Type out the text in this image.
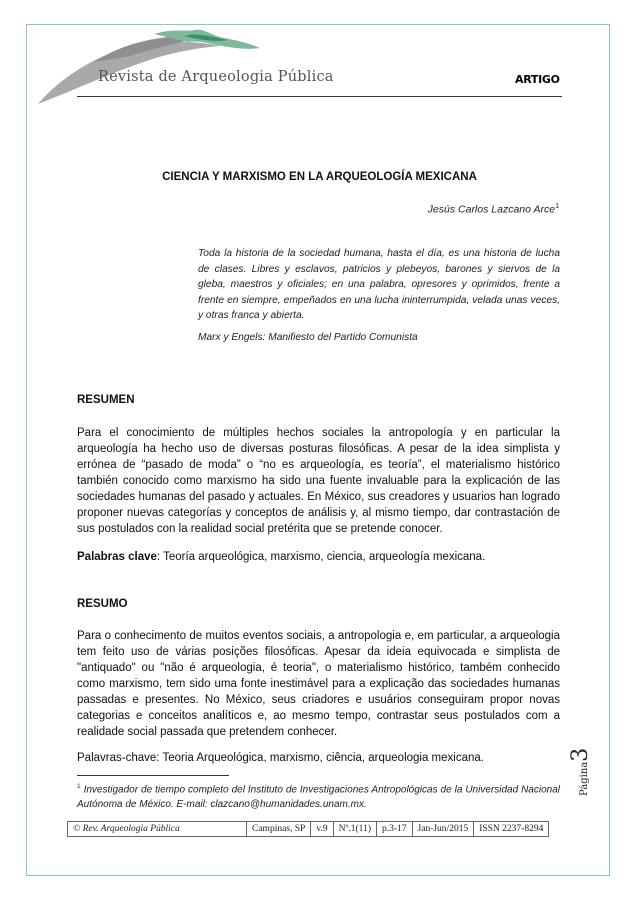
Revista de Arqueologia Pública	ARTIGO
CIENCIA Y MARXISMO EN LA ARQUEOLOGÍA MEXICANA
Jesús Carlos Lazcano Arce$^1$
Toda la historia de la sociedad humana, hasta el día, es una historia de lucha de clases. Libres y esclavos, patricios y plebeyos, barones y siervos de la gleba, maestros y oficiales; en una palabra, opresores y oprimidos, frente a frente en siempre, empeñados en una lucha ininterrumpida, velada unas veces, y otras franca y abierta.
Marx y Engels: Manifiesto del Partido Comunista
RESUMEN

Para el conocimiento de múltiples hechos sociales la antropología y en particular la arqueología ha hecho uso de diversas posturas filosóficas. A pesar de la idea simplista y errónea de “pasado de moda” o “no es arqueología, es teoría”, el materialismo histórico también conocido como marxismo ha sido una fuente invaluable para la explicación de las sociedades humanas del pasado y actuales. En México, sus creadores y usuarios han logrado proponer nuevas categorías y conceptos de análisis y, al mismo tiempo, dar contrastación de sus postulados con la realidad social pretérita que se pretende conocer.

Palabras clave: Teoría arqueológica, marxismo, ciencia, arqueología mexicana.
RESUMO

Para o conhecimento de muitos eventos sociais, a antropologia e, em particular, a arqueologia tem feito uso de várias posições filosóficas. Apesar da ideia equivocada e simplista de "antiquado" ou "não é arqueologia, é teoria", o materialismo histórico, também conhecido como marxismo, tem sido uma fonte inestimável para a explicação das sociedades humanas passadas e presentes. No México, seus criadores e usuários conseguiram propor novas categorias e conceitos analíticos e, ao mesmo tempo, contrastar seus postulados com a realidade social passada que pretendem conhecer.

Palavras-chave: Teoria Arqueológica, marxismo, ciência, arqueologia mexicana.
$^1$ Investigador de tiempo completo del Instituto de Investigaciones Antropológicas de la Universidad Nacional Autónoma de México. E-mail: clazcano@humanidades.unam.mx.
Página3
© Rev. Arqueologia Pública	Campinas, SP	v.9	Nº.1(11)	p.3-17	Jan-Jun/2015	ISSN 2237-8294
